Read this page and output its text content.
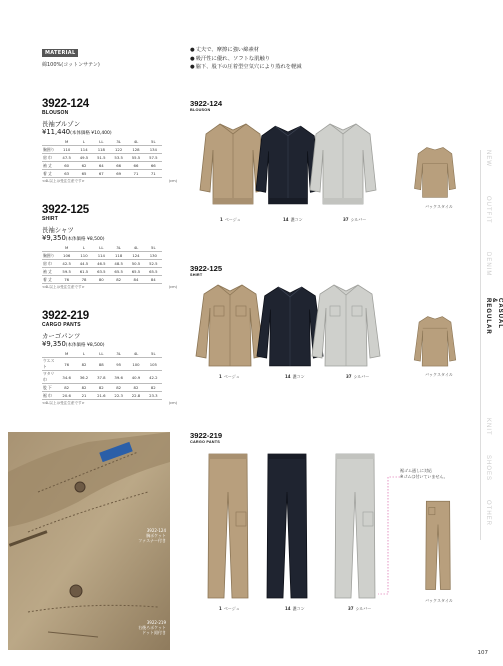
MATERIAL
綿100%(コットンサテン)
● 丈夫で、摩擦に強い綿素材
● 吸汗性に優れ、ソフトな肌触り
● 脇下、股下の圧着型空気穴により蒸れを軽減
3922-124
BLOUSON
長袖ブルゾン
¥11,440(本体価格 ¥10,400)
	M	L	LL	3L	4L	5L
胸囲り	110	114	118	122	128	134
肩 巾	47.5	49.5	51.5	53.5	55.5	57.5
袖 丈	60	62	64	66	66	66
着 丈	63	65	67	69	71	71
<4L以上は受注生産です>	(cm)
3922-125
SHIRT
長袖シャツ
¥9,350(本体価格 ¥8,500)
	M	L	LL	3L	4L	5L
胸囲り	106	110	114	118	124	130
肩 巾	42.5	44.5	46.5	48.5	50.5	52.5
袖 丈	59.5	61.5	63.5	65.5	65.5	65.5
着 丈	76	78	80	82	84	84
<4L以上は受注生産です>	(cm)
3922-219
CARGO PANTS
カーゴパンツ
¥9,350(本体価格 ¥8,500)
	M	L	LL	3L	4L	5L
ウエスト	76	82	88	95	100	105
ワタリ巾	34.6	36.2	37.8	39.6	40.9	42.2
股 下	82	82	82	82	82	82
裾 巾	20.6	21	21.6	22.3	22.8	23.3
<4L以上は受注生産です>	(cm)
3922-124
胸ポケット
ファスナー付き
3922-219
右後ろポケット
ドット釦付き
3922-124
BLOUSON
1 ベージュ	14 濃コン	37 シルバー
バックスタイル
3922-125
SHIRT
1 ベージュ	14 濃コン	37 シルバー	バックスタイル
3922-219
CARGO PANTS
裾ゴム通しに対応
※ゴムは付いていません。
1 ベージュ	14 濃コン	37 シルバー
バックスタイル
NEW
OUTFIT
DENIM
CASUAL & REGULAR
KNIT
SHOES
OTHER
107
